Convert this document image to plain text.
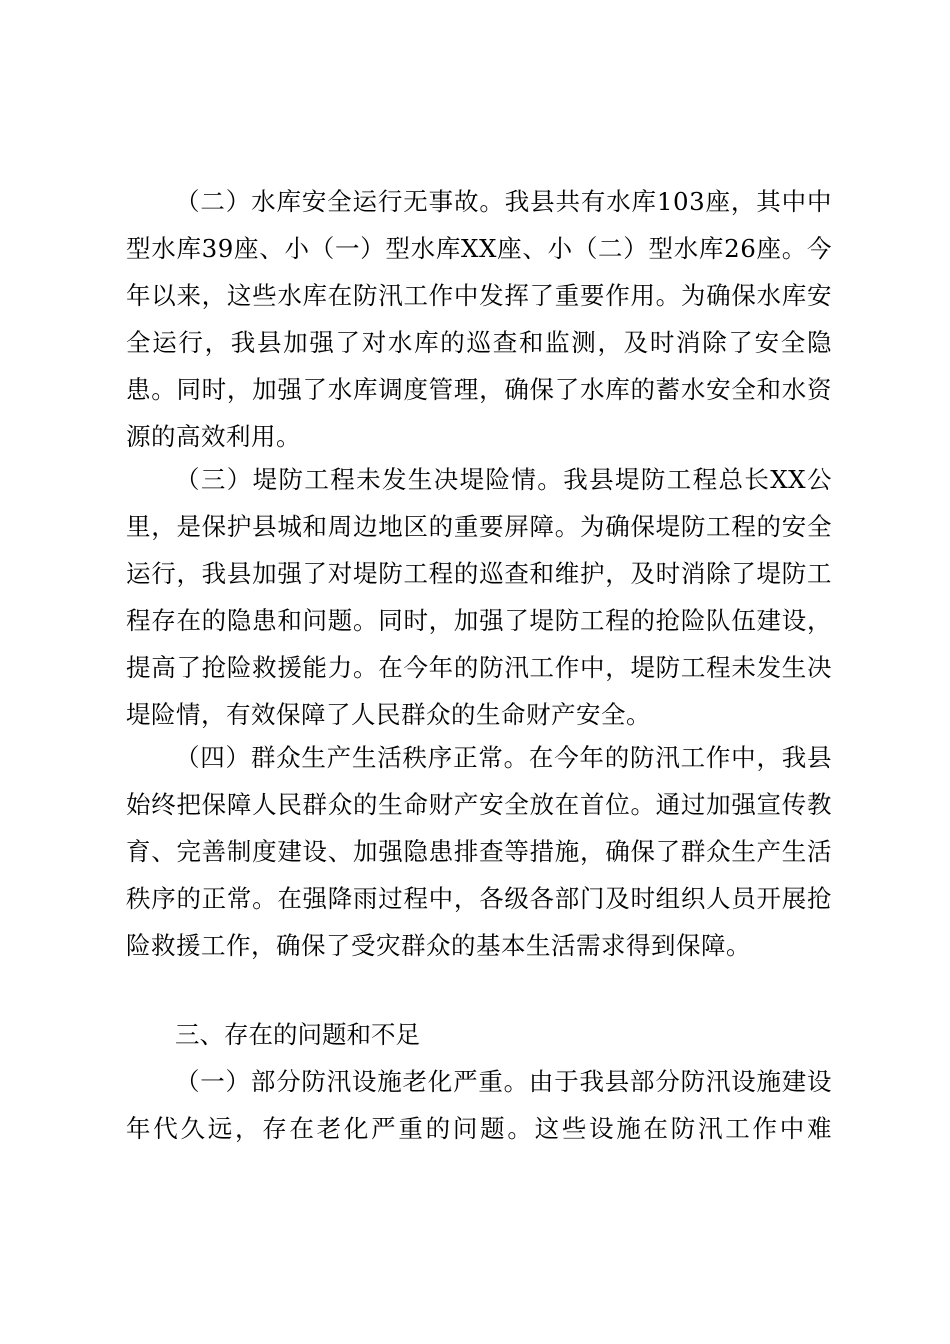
（二）水库安全运行无事故。我县共有水库103座，其中中型水库39座、小（一）型水库XX座、小（二）型水库26座。今年以来，这些水库在防汛工作中发挥了重要作用。为确保水库安全运行，我县加强了对水库的巡查和监测，及时消除了安全隐患。同时，加强了水库调度管理，确保了水库的蓄水安全和水资源的高效利用。

（三）堤防工程未发生决堤险情。我县堤防工程总长XX公里，是保护县城和周边地区的重要屏障。为确保堤防工程的安全运行，我县加强了对堤防工程的巡查和维护，及时消除了堤防工程存在的隐患和问题。同时，加强了堤防工程的抢险队伍建设，提高了抢险救援能力。在今年的防汛工作中，堤防工程未发生决堤险情，有效保障了人民群众的生命财产安全。

（四）群众生产生活秩序正常。在今年的防汛工作中，我县始终把保障人民群众的生命财产安全放在首位。通过加强宣传教育、完善制度建设、加强隐患排查等措施，确保了群众生产生活秩序的正常。在强降雨过程中，各级各部门及时组织人员开展抢险救援工作，确保了受灾群众的基本生活需求得到保障。

三、存在的问题和不足

（一）部分防汛设施老化严重。由于我县部分防汛设施建设年代久远，存在老化严重的问题。这些设施在防汛工作中难
